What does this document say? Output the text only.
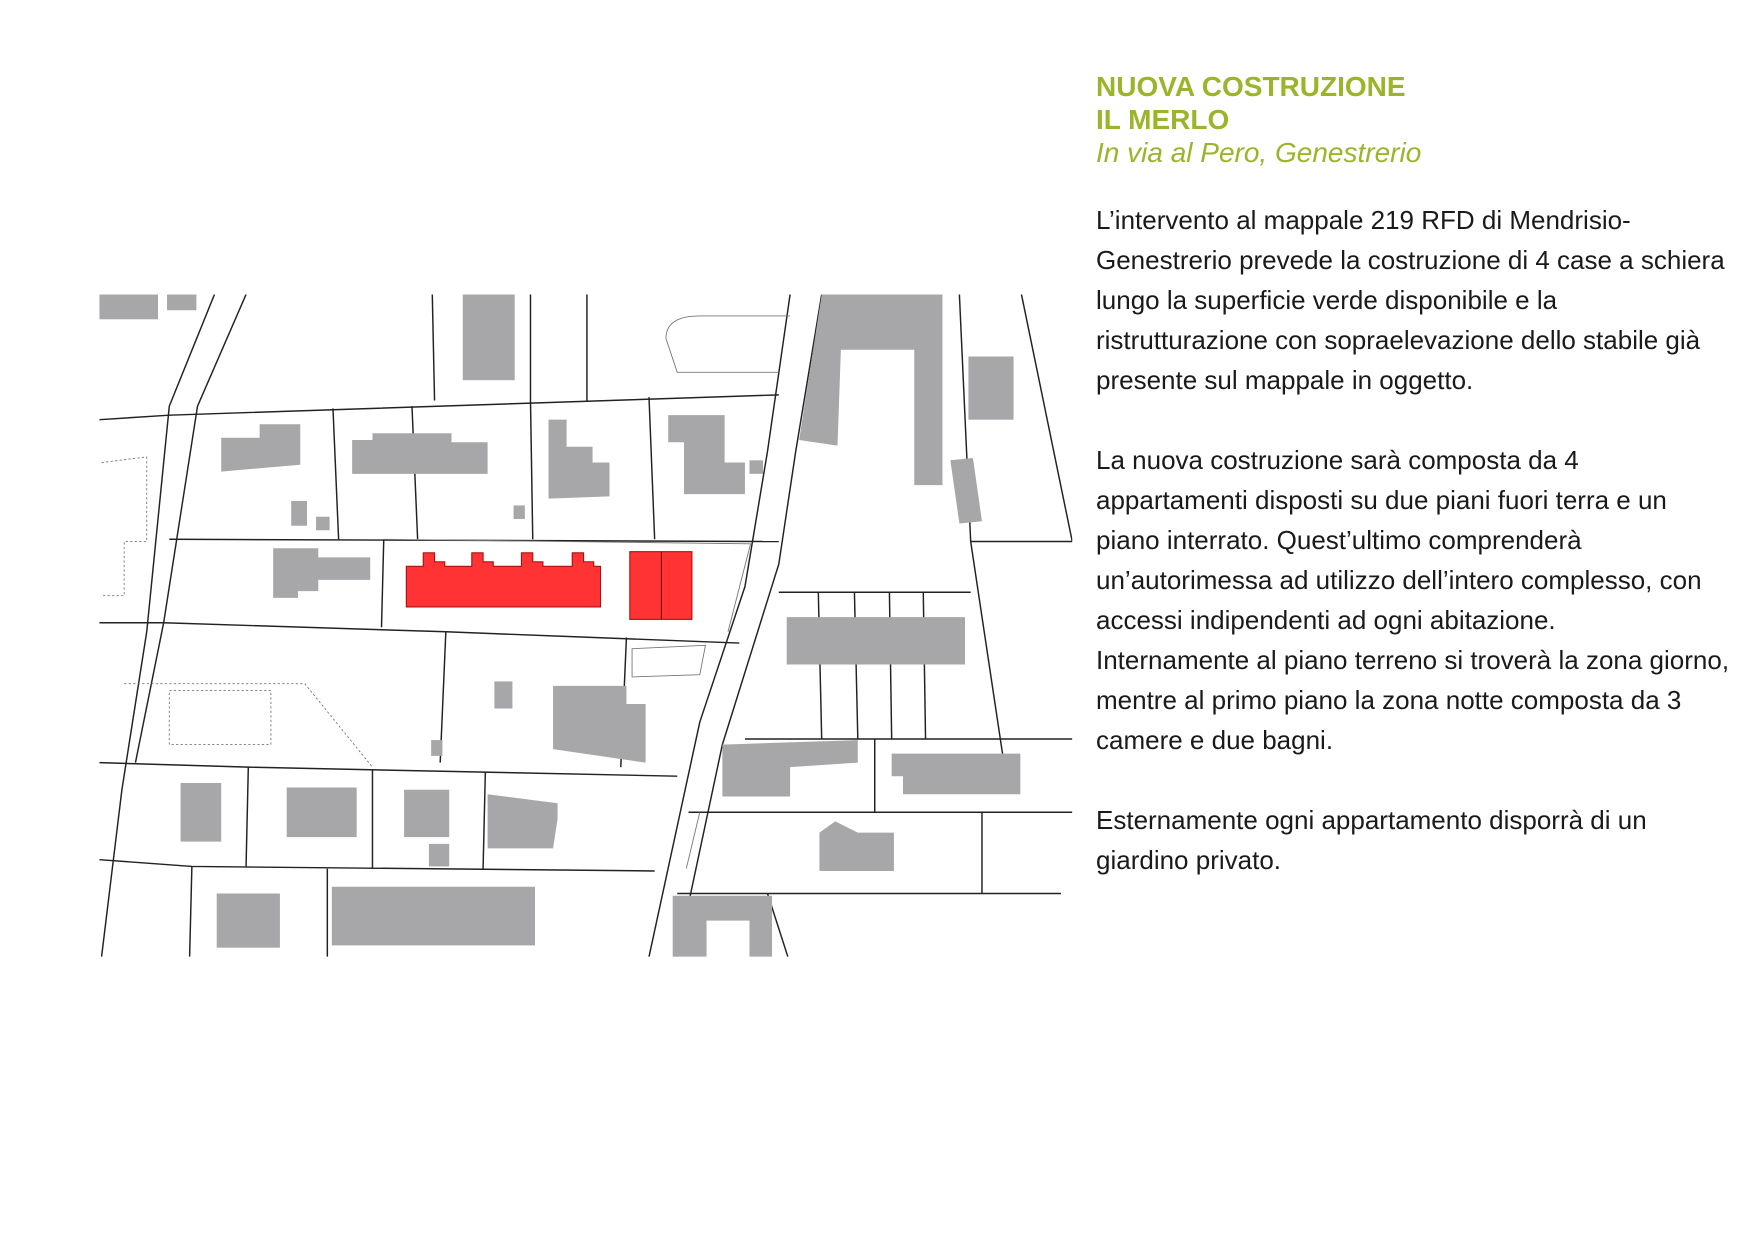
NUOVA COSTRUZIONE

IL MERLO

In via al Pero, Genestrerio

L’intervento al mappale 219 RFD di Mendrisio-Genestrerio prevede la costruzione di 4 case a schiera lungo la superficie verde disponibile e la ristrutturazione con sopraelevazione dello stabile già presente sul mappale in oggetto.

La nuova costruzione sarà composta da 4 appartamenti disposti su due piani fuori terra e un piano interrato. Quest’ultimo comprenderà un’autorimessa ad utilizzo dell’intero complesso, con accessi indipendenti ad ogni abitazione.

Internamente al piano terreno si troverà la zona giorno, mentre al primo piano la zona notte composta da 3 camere e due bagni.

Esternamente ogni appartamento disporrà di un giardino privato.
